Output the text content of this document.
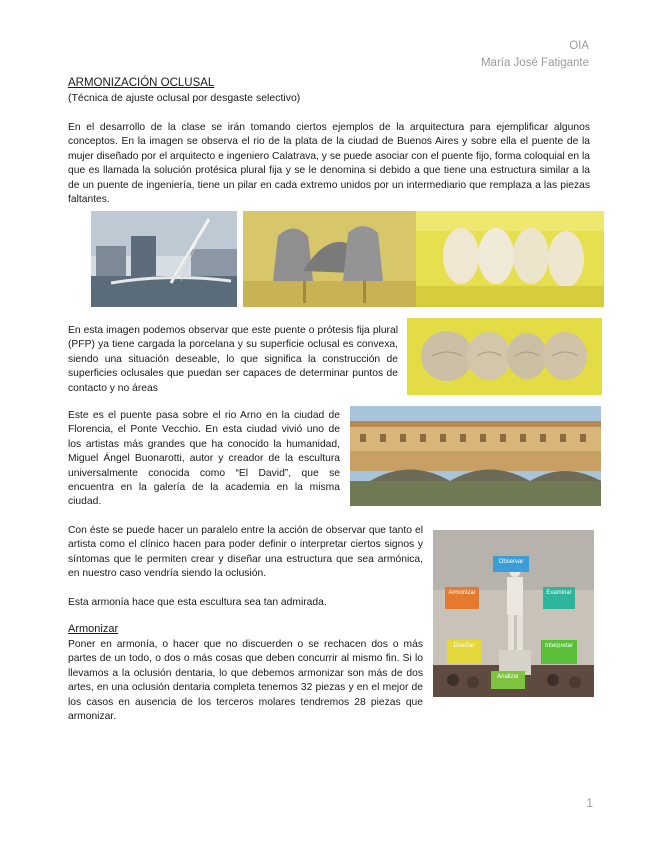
OIA
María José Fatigante
ARMONIZACIÓN OCLUSAL
(Técnica de ajuste oclusal por desgaste selectivo)
En el desarrollo de la clase se irán tomando ciertos ejemplos de la arquitectura para ejemplificar algunos conceptos. En la imagen se observa el rio de la plata de la ciudad de Buenos Aires y sobre ella el puente de la mujer diseñado por el arquitecto e ingeniero Calatrava, y se puede asociar con el puente fijo, forma coloquial en la que es llamada la solución protésica plural fija y se le denomina si debido a que tiene una estructura similar a la de un puente de ingeniería, tiene un pilar en cada extremo unidos por un intermediario que remplaza a las piezas faltantes.
En esta imagen podemos observar que este puente o prótesis fija plural (PFP) ya tiene cargada la porcelana y su superficie oclusal es convexa, siendo una situación deseable, lo que significa la construcción de superficies oclusales que puedan ser capaces de determinar puntos de contacto y no áreas
Este es el puente pasa sobre el rio Arno en la ciudad de Florencia, el Ponte Vecchio. En esta ciudad vivió uno de los artistas más grandes que ha conocido la humanidad, Miguel Ángel Buonarotti, autor y creador de la escultura universalmente conocida como “El David”, que se encuentra en la galería de la academia en la misma ciudad.
Con éste se puede hacer un paralelo entre la acción de observar que tanto el artista como el clínico hacen para poder definir o interpretar ciertos signos y síntomas que le permiten crear y diseñar una estructura que sea armónica, en nuestro caso vendría siendo la oclusión.
Esta armonía hace que esta escultura sea tan admirada.
Armonizar
Poner en armonía, o hacer que no discuerden o se rechacen dos o más partes de un todo, o dos o más cosas que deben concurrir al mismo fin. Si lo llevamos a la oclusión dentaria, lo que debemos armonizar son más de dos artes, en una oclusión dentaria completa tenemos 32 piezas y en el mejor de los casos en ausencia de los terceros molares tendremos 28 piezas que armonizar.
Observar
Armonizar	Examinar
Diseñar	Interpretar
Analizar
1
